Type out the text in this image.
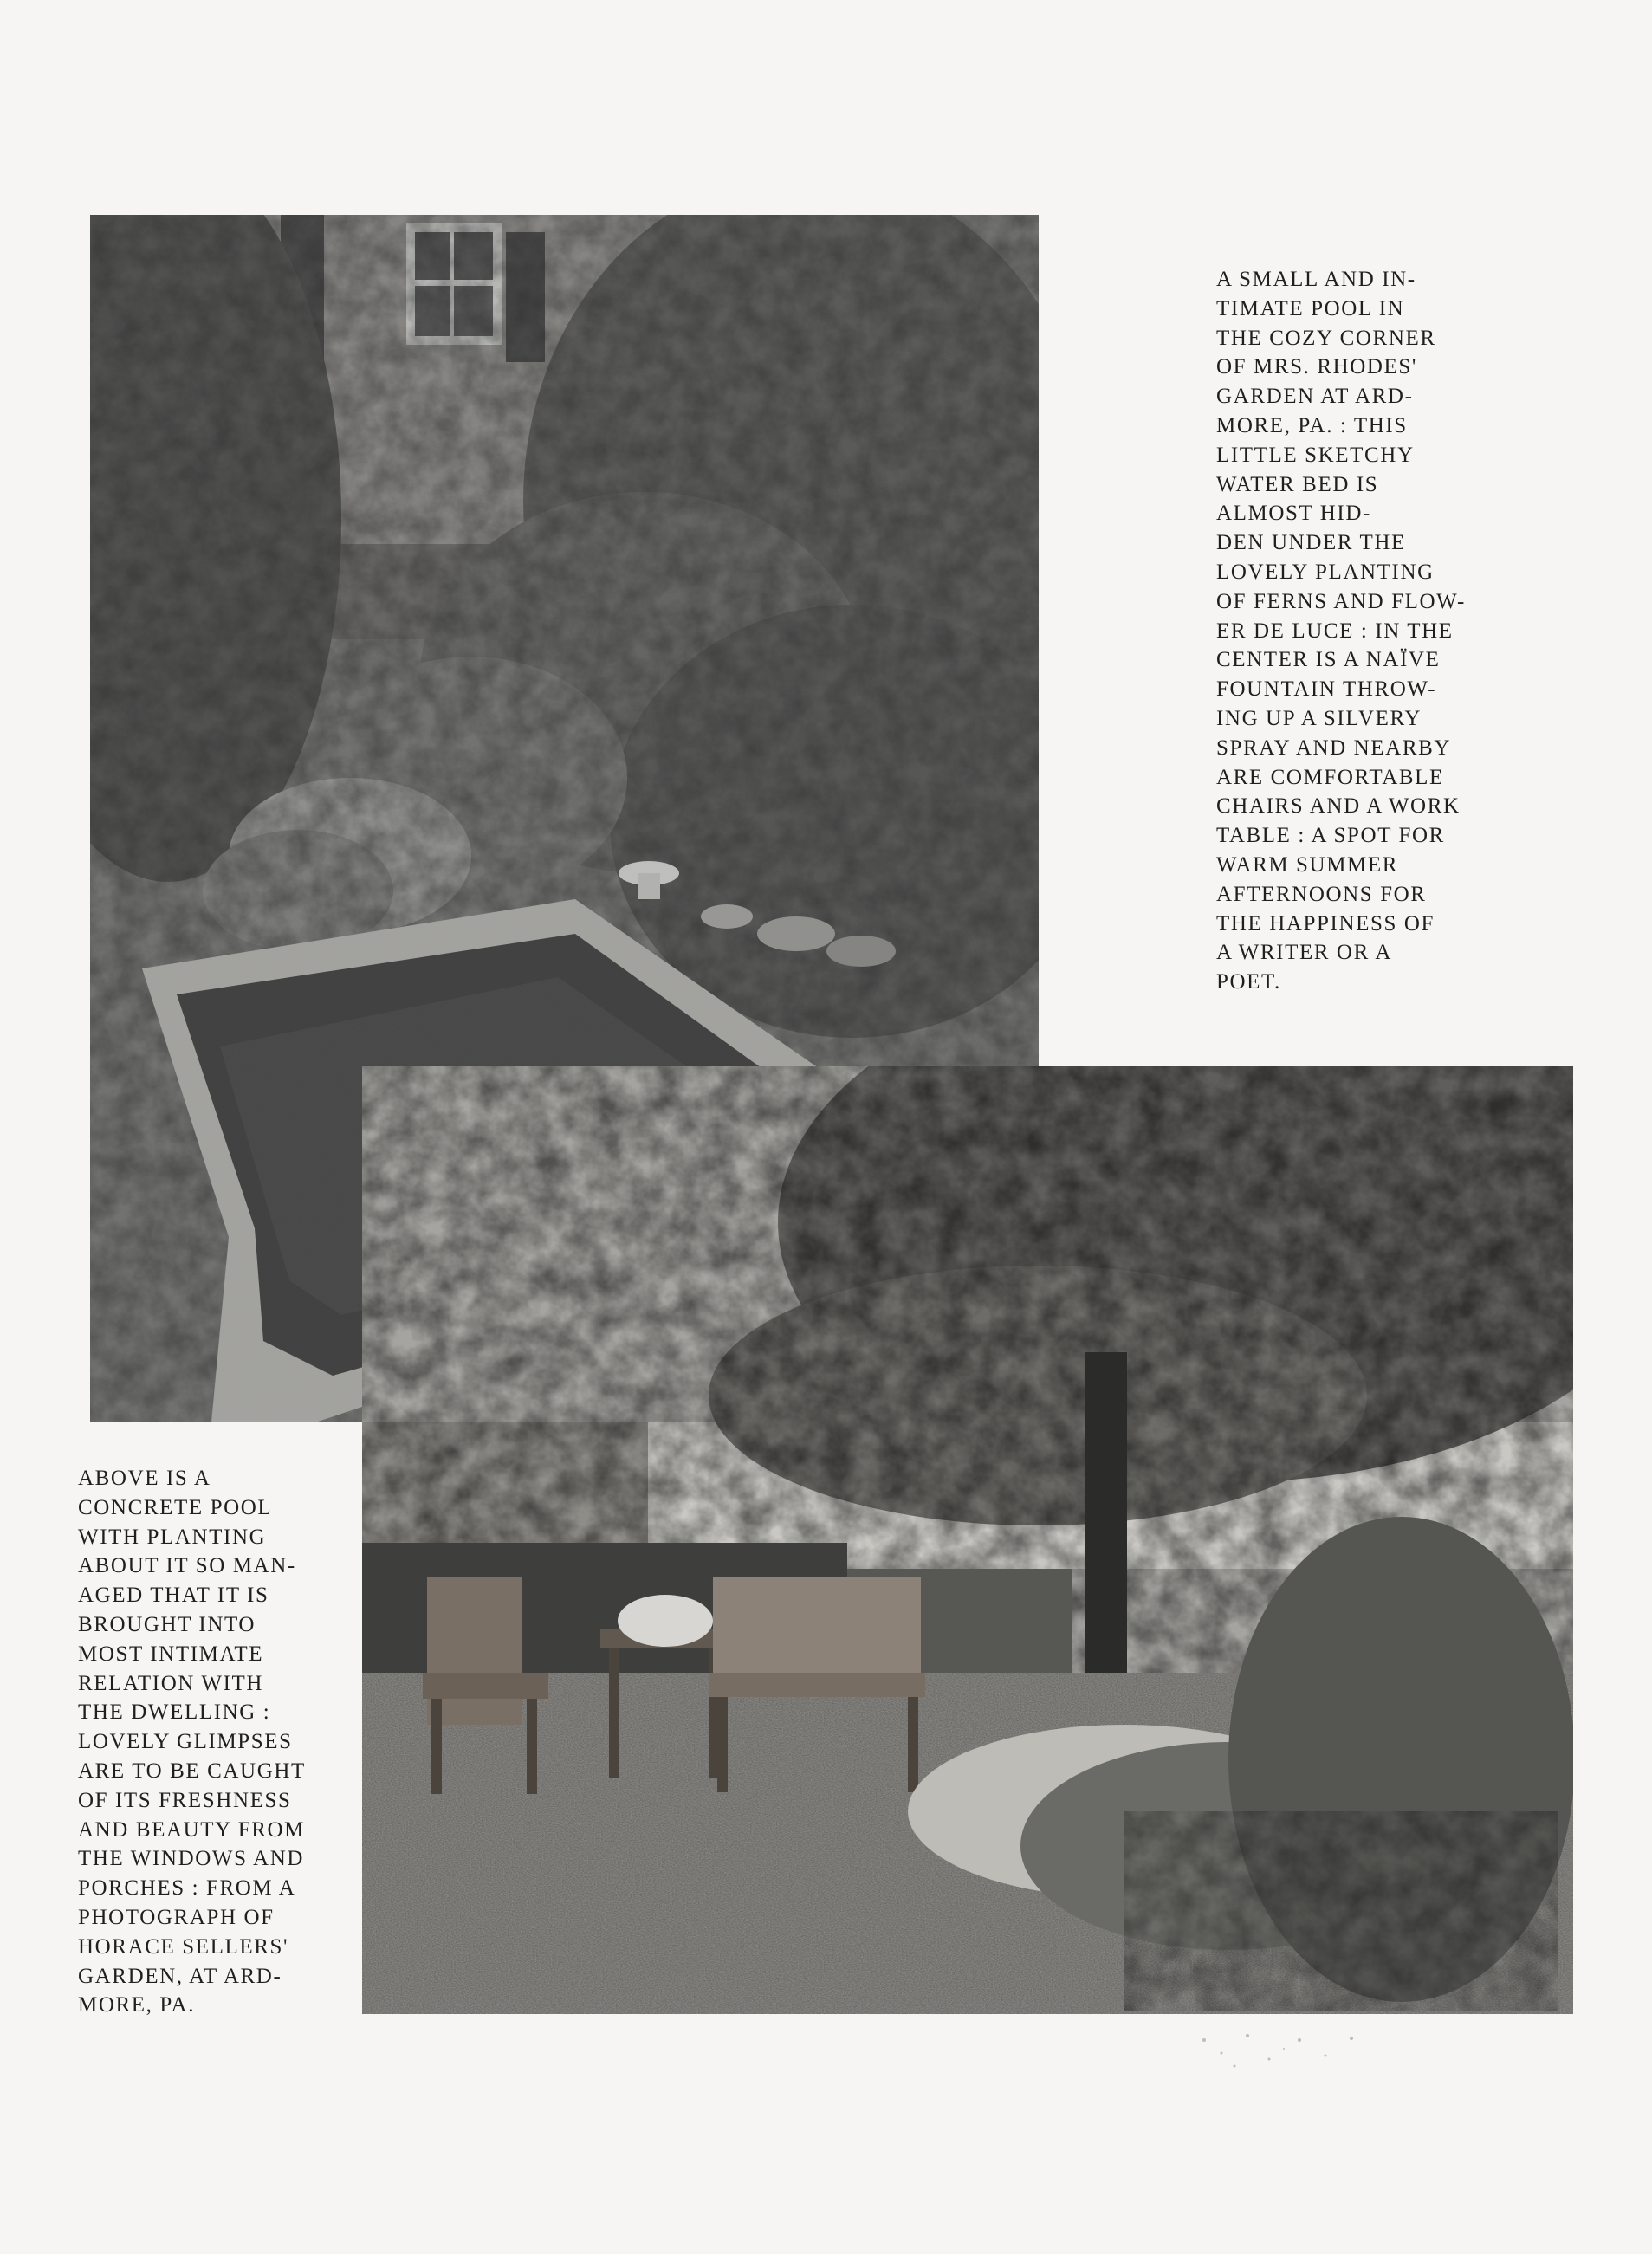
A SMALL AND IN-
TIMATE POOL IN
THE COZY CORNER
OF MRS. RHODES'
GARDEN AT ARD-
MORE, PA. : THIS
LITTLE SKETCHY
WATER BED IS
ALMOST HID-
DEN UNDER THE
LOVELY PLANTING
OF FERNS AND FLOW-
ER DE LUCE : IN THE
CENTER IS A NAÏVE
FOUNTAIN THROW-
ING UP A SILVERY
SPRAY AND NEARBY
ARE COMFORTABLE
CHAIRS AND A WORK
TABLE : A SPOT FOR
WARM SUMMER
AFTERNOONS FOR
THE HAPPINESS OF
A WRITER OR A
POET.

ABOVE IS A
CONCRETE POOL
WITH PLANTING
ABOUT IT SO MAN-
AGED THAT IT IS
BROUGHT INTO
MOST INTIMATE
RELATION WITH
THE DWELLING :
LOVELY GLIMPSES
ARE TO BE CAUGHT
OF ITS FRESHNESS
AND BEAUTY FROM
THE WINDOWS AND
PORCHES : FROM A
PHOTOGRAPH OF
HORACE SELLERS'
GARDEN, AT ARD-
MORE, PA.
